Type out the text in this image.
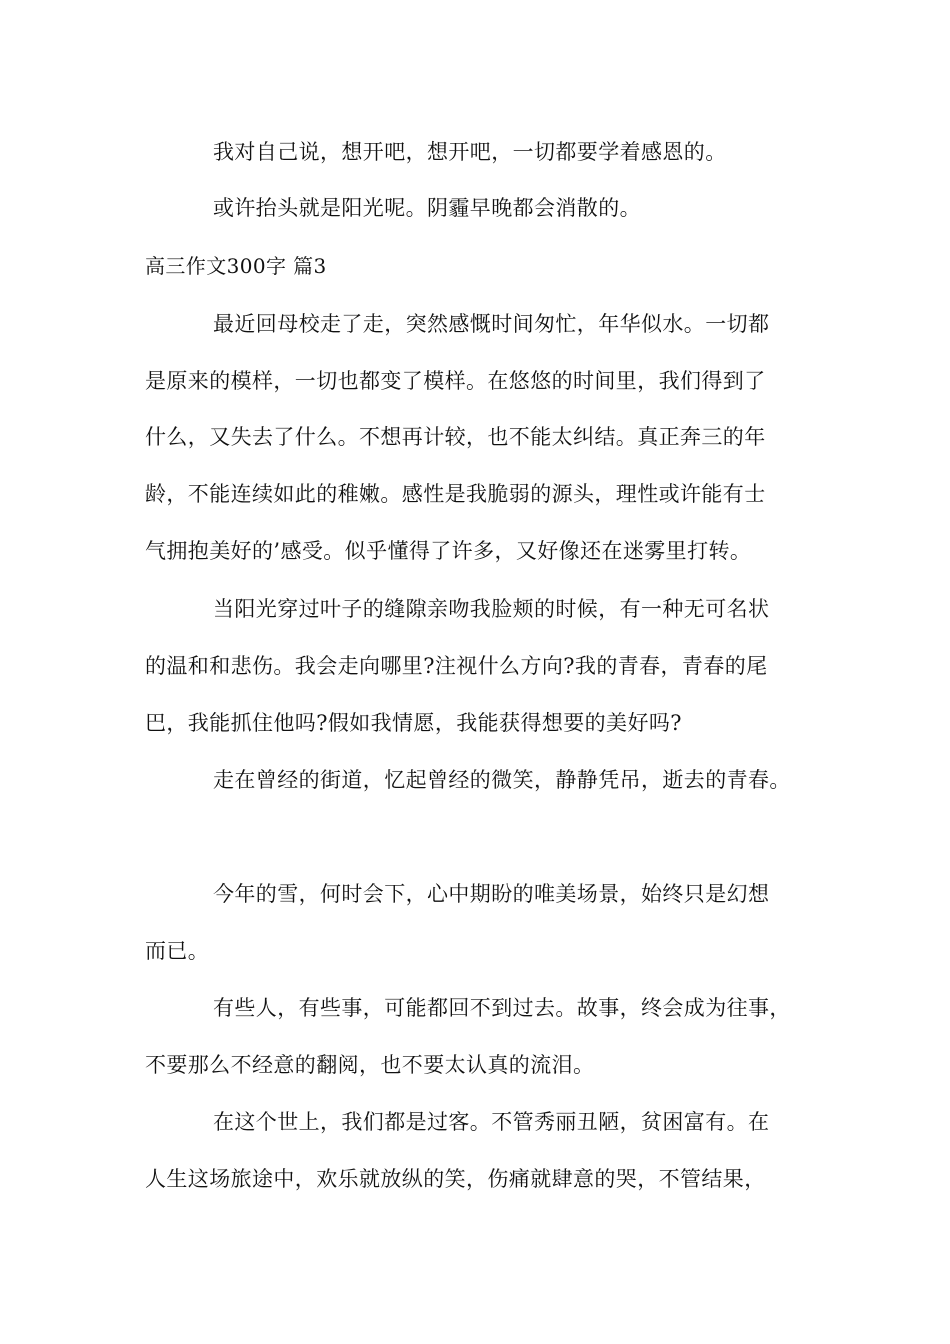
我对自己说，想开吧，想开吧，一切都要学着感恩的。
或许抬头就是阳光呢。阴霾早晚都会消散的。
高三作文300字 篇3
最近回母校走了走，突然感慨时间匆忙，年华似水。一切都
是原来的模样，一切也都变了模样。在悠悠的时间里，我们得到了
什么，又失去了什么。不想再计较，也不能太纠结。真正奔三的年
龄，不能连续如此的稚嫩。感性是我脆弱的源头，理性或许能有士
气拥抱美好的’感受。似乎懂得了许多，又好像还在迷雾里打转。
当阳光穿过叶子的缝隙亲吻我脸颊的时候，有一种无可名状
的温和和悲伤。我会走向哪里?注视什么方向?我的青春，青春的尾
巴，我能抓住他吗?假如我情愿，我能获得想要的美好吗?
走在曾经的街道，忆起曾经的微笑，静静凭吊，逝去的青春。
今年的雪，何时会下，心中期盼的唯美场景，始终只是幻想
而已。
有些人，有些事，可能都回不到过去。故事，终会成为往事，
不要那么不经意的翻阅，也不要太认真的流泪。
在这个世上，我们都是过客。不管秀丽丑陋，贫困富有。在
人生这场旅途中，欢乐就放纵的笑，伤痛就肆意的哭，不管结果，
